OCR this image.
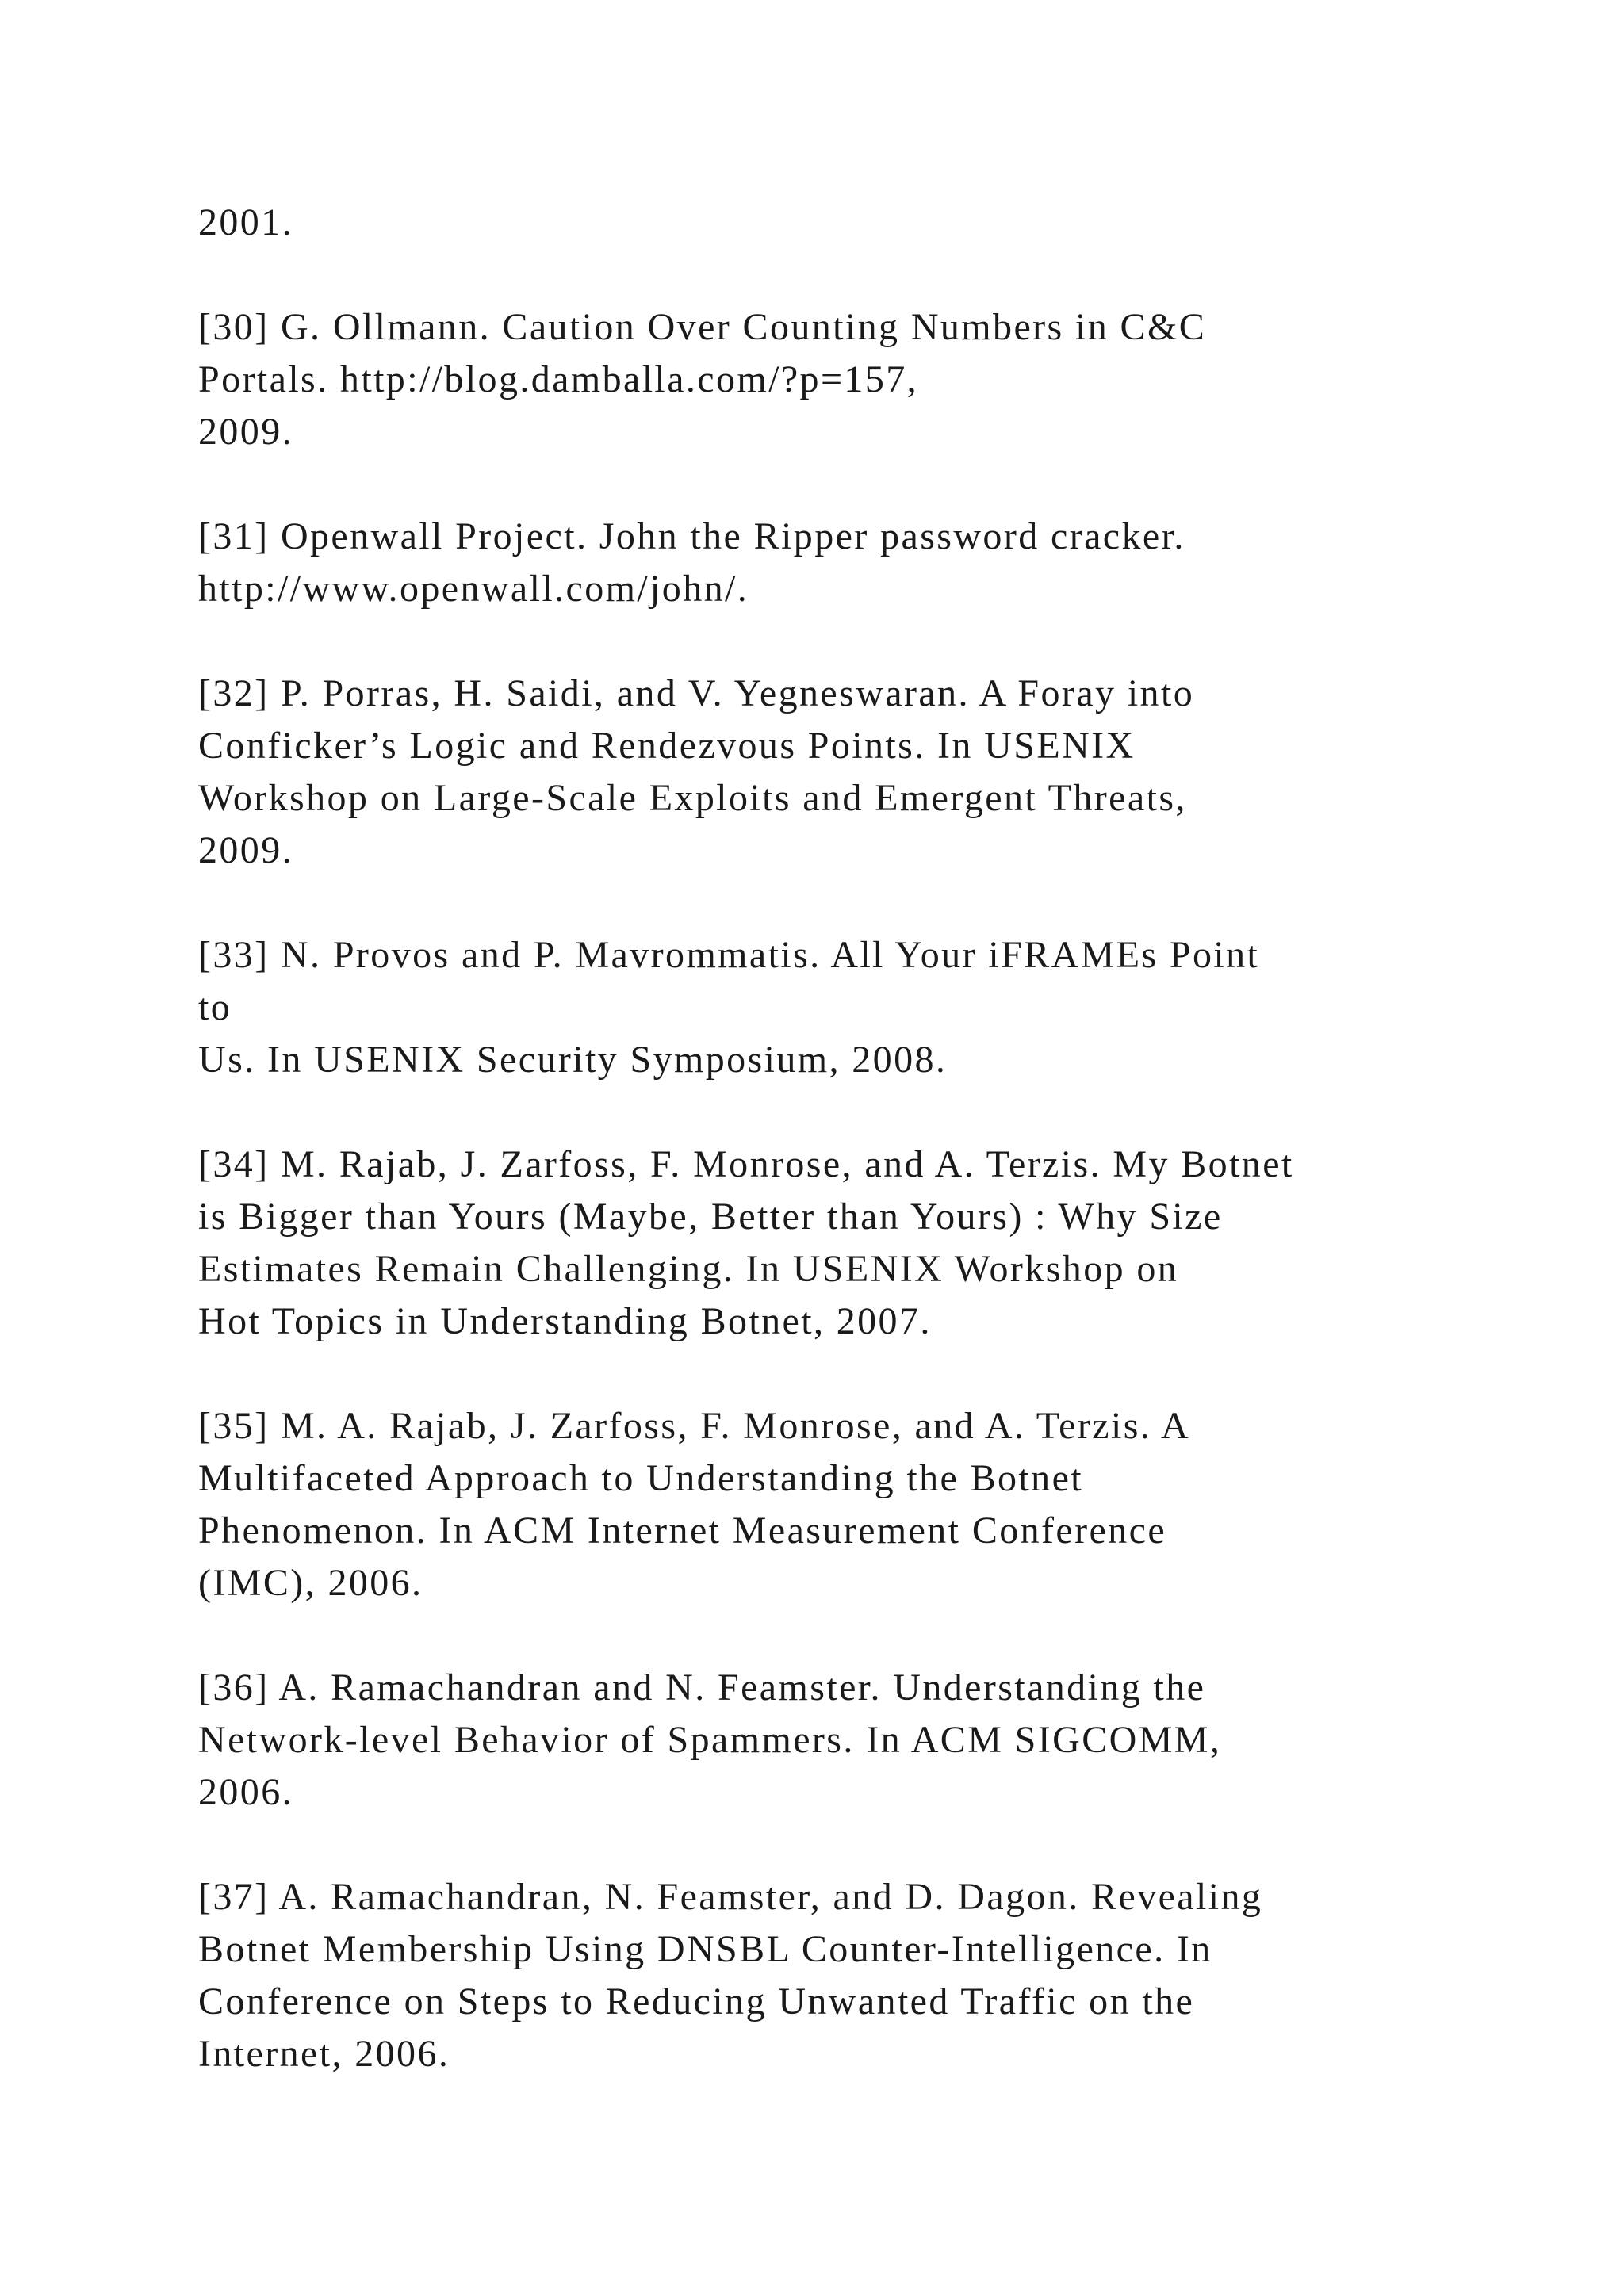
2001.
[30] G. Ollmann. Caution Over Counting Numbers in C&C
Portals. http://blog.damballa.com/?p=157,
2009.
[31] Openwall Project. John the Ripper password cracker.
http://www.openwall.com/john/.
[32] P. Porras, H. Saidi, and V. Yegneswaran. A Foray into
Conficker’s Logic and Rendezvous Points. In USENIX
Workshop on Large-Scale Exploits and Emergent Threats,
2009.
[33] N. Provos and P. Mavrommatis. All Your iFRAMEs Point
to
Us. In USENIX Security Symposium, 2008.
[34] M. Rajab, J. Zarfoss, F. Monrose, and A. Terzis. My Botnet
is Bigger than Yours (Maybe, Better than Yours) : Why Size
Estimates Remain Challenging. In USENIX Workshop on
Hot Topics in Understanding Botnet, 2007.
[35] M. A. Rajab, J. Zarfoss, F. Monrose, and A. Terzis. A
Multifaceted Approach to Understanding the Botnet
Phenomenon. In ACM Internet Measurement Conference
(IMC), 2006.
[36] A. Ramachandran and N. Feamster. Understanding the
Network-level Behavior of Spammers. In ACM SIGCOMM,
2006.
[37] A. Ramachandran, N. Feamster, and D. Dagon. Revealing
Botnet Membership Using DNSBL Counter-Intelligence. In
Conference on Steps to Reducing Unwanted Traffic on the
Internet, 2006.
